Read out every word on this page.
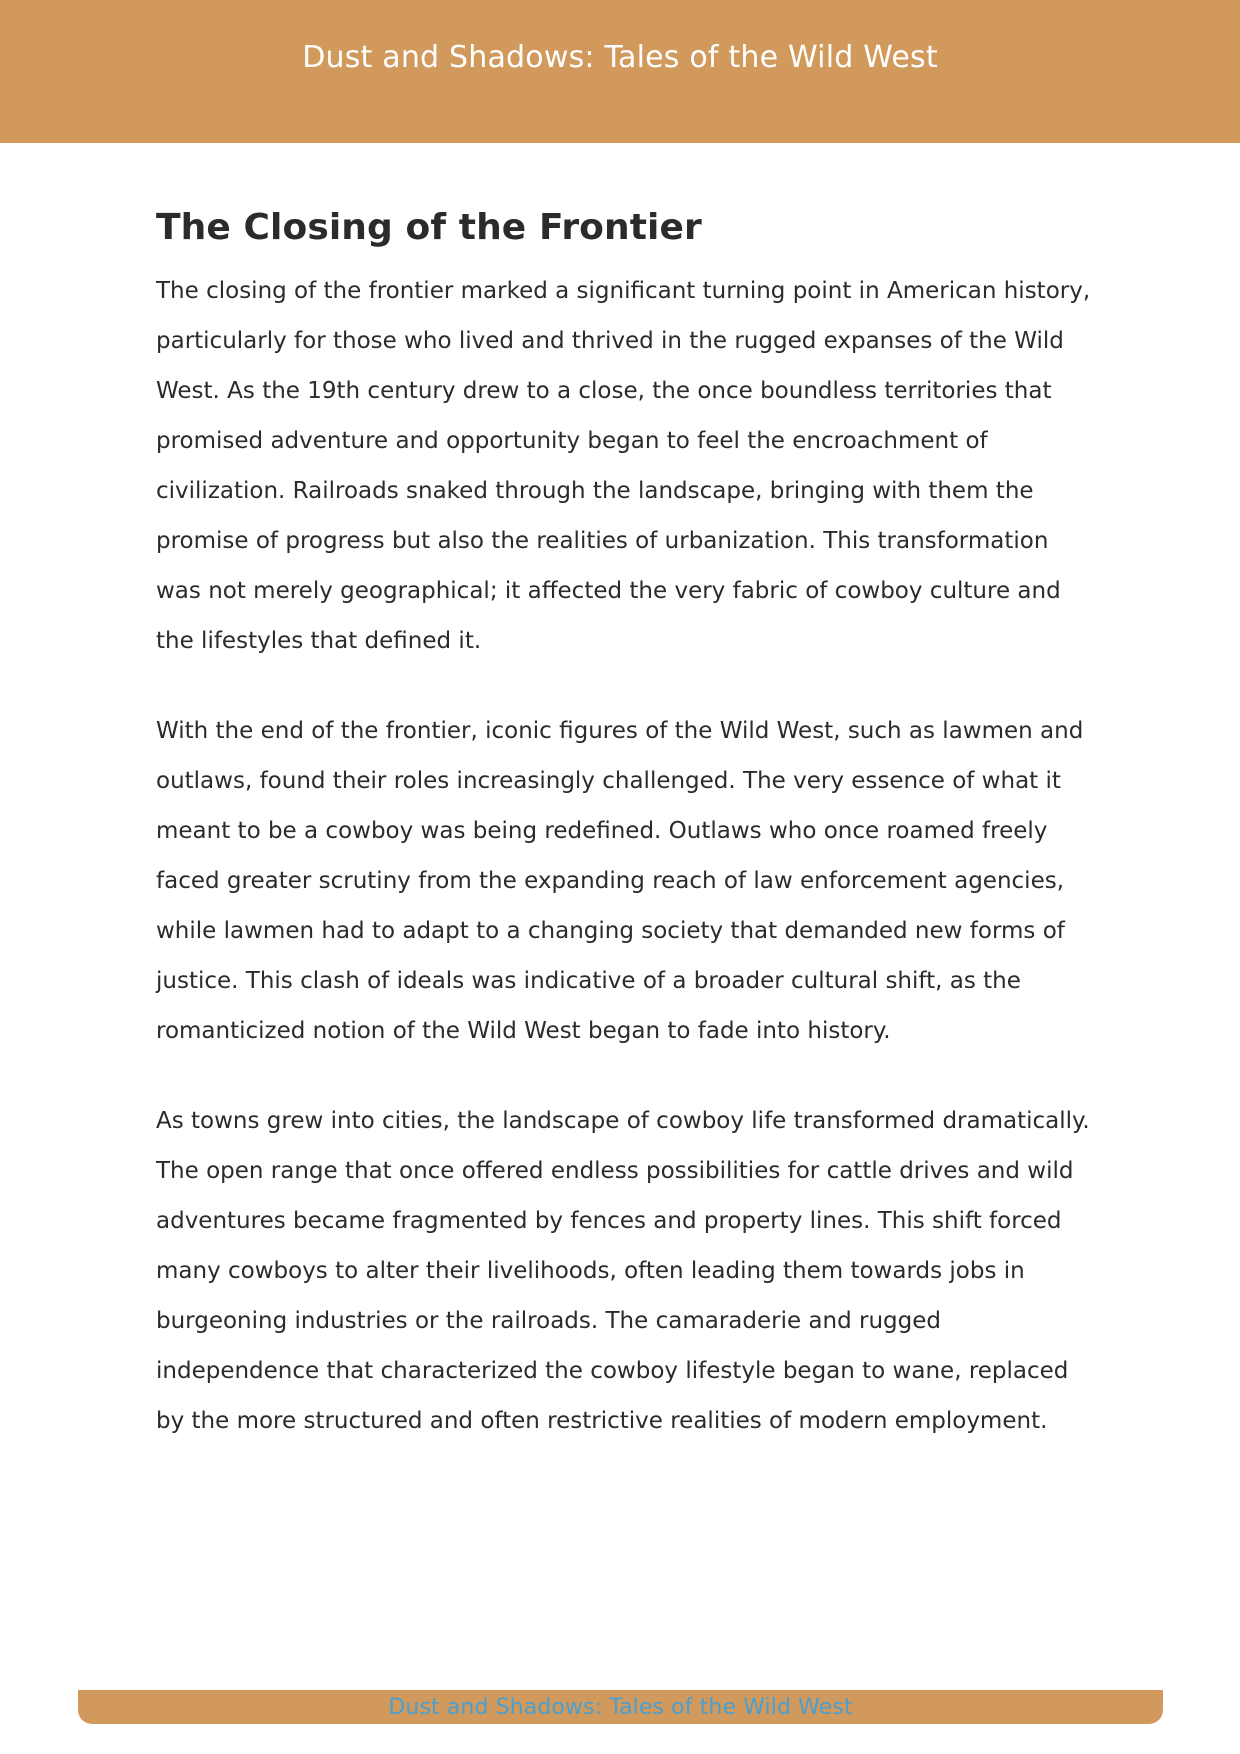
Dust and Shadows: Tales of the Wild West
The Closing of the Frontier

The closing of the frontier marked a significant turning point in American history, particularly for those who lived and thrived in the rugged expanses of the Wild West. As the 19th century drew to a close, the once boundless territories that promised adventure and opportunity began to feel the encroachment of civilization. Railroads snaked through the landscape, bringing with them the promise of progress but also the realities of urbanization. This transformation was not merely geographical; it affected the very fabric of cowboy culture and the lifestyles that defined it.

With the end of the frontier, iconic figures of the Wild West, such as lawmen and outlaws, found their roles increasingly challenged. The very essence of what it meant to be a cowboy was being redefined. Outlaws who once roamed freely faced greater scrutiny from the expanding reach of law enforcement agencies, while lawmen had to adapt to a changing society that demanded new forms of justice. This clash of ideals was indicative of a broader cultural shift, as the romanticized notion of the Wild West began to fade into history.

As towns grew into cities, the landscape of cowboy life transformed dramatically. The open range that once offered endless possibilities for cattle drives and wild adventures became fragmented by fences and property lines. This shift forced many cowboys to alter their livelihoods, often leading them towards jobs in burgeoning industries or the railroads. The camaraderie and rugged independence that characterized the cowboy lifestyle began to wane, replaced by the more structured and often restrictive realities of modern employment.

Dust and Shadows: Tales of the Wild West
